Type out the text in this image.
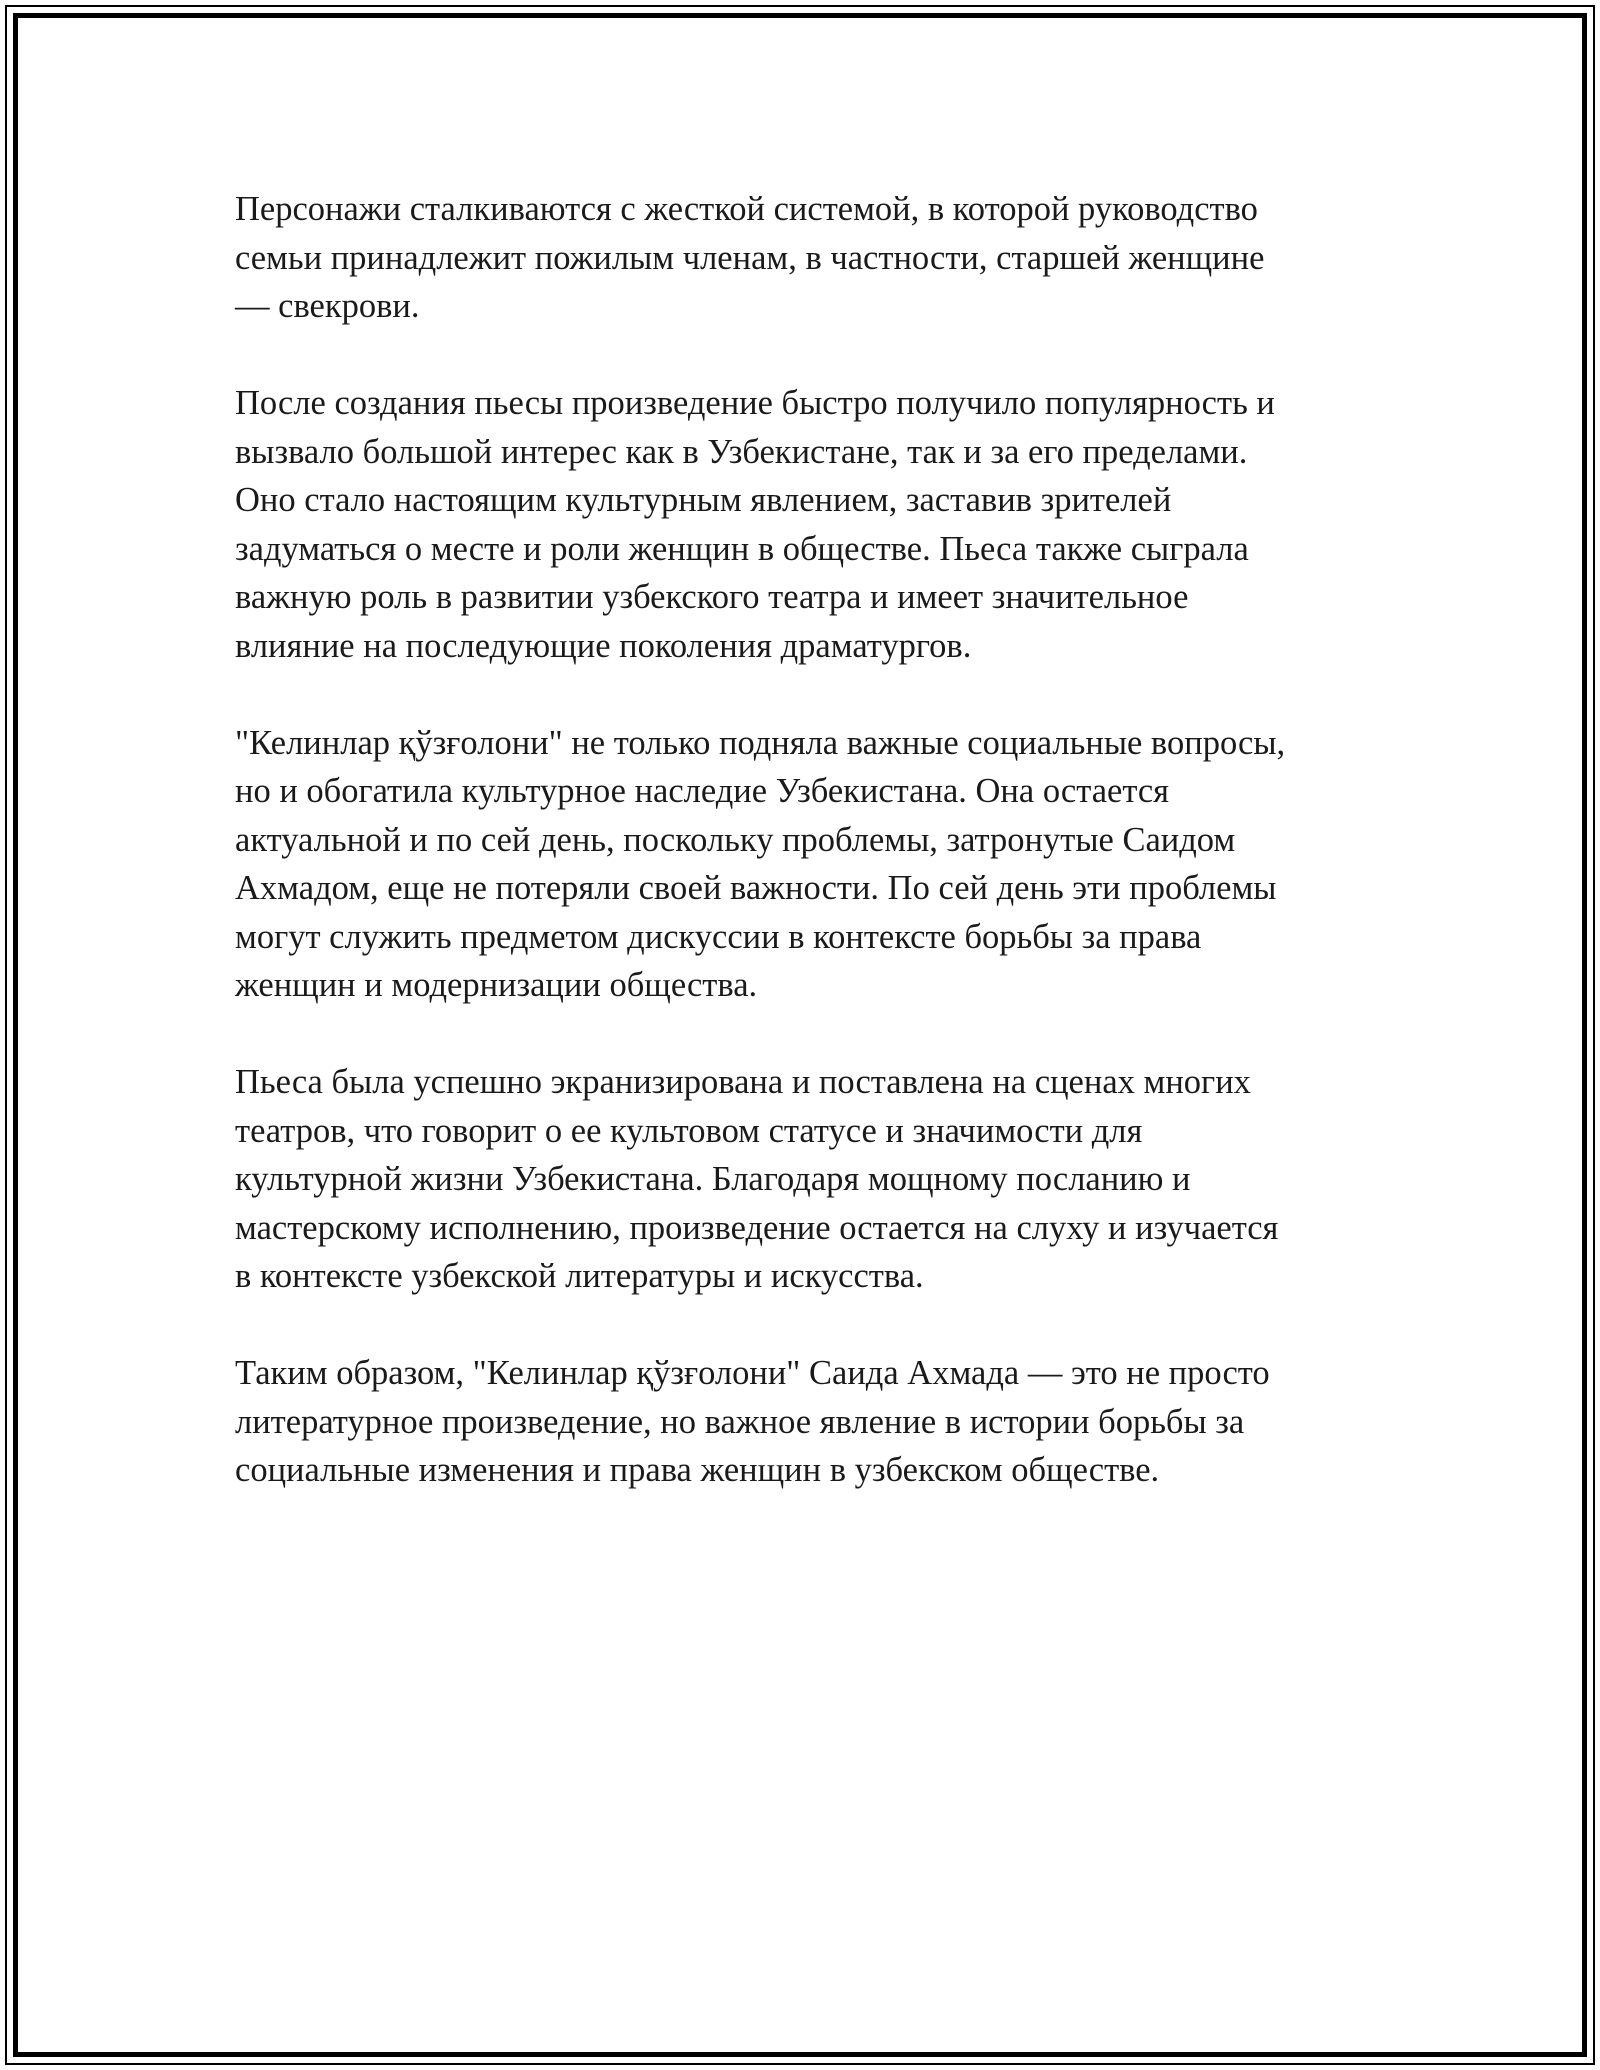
Персонажи сталкиваются с жесткой системой, в которой руководство
семьи принадлежит пожилым членам, в частности, старшей женщине
— свекрови.

После создания пьесы произведение быстро получило популярность и
вызвало большой интерес как в Узбекистане, так и за его пределами.
Оно стало настоящим культурным явлением, заставив зрителей
задуматься о месте и роли женщин в обществе. Пьеса также сыграла
важную роль в развитии узбекского театра и имеет значительное
влияние на последующие поколения драматургов.

"Келинлар қўзғолони" не только подняла важные социальные вопросы,
но и обогатила культурное наследие Узбекистана. Она остается
актуальной и по сей день, поскольку проблемы, затронутые Саидом
Ахмадом, еще не потеряли своей важности. По сей день эти проблемы
могут служить предметом дискуссии в контексте борьбы за права
женщин и модернизации общества.

Пьеса была успешно экранизирована и поставлена на сценах многих
театров, что говорит о ее культовом статусе и значимости для
культурной жизни Узбекистана. Благодаря мощному посланию и
мастерскому исполнению, произведение остается на слуху и изучается
в контексте узбекской литературы и искусства.

Таким образом, "Келинлар қўзғолони" Саида Ахмада — это не просто
литературное произведение, но важное явление в истории борьбы за
социальные изменения и права женщин в узбекском обществе.
